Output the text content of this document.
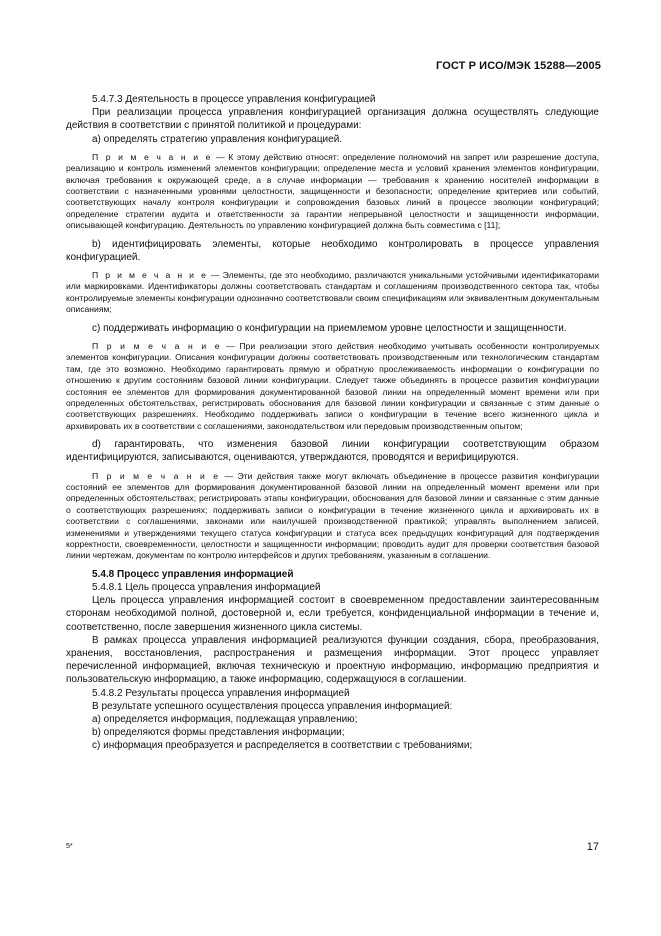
ГОСТ Р ИСО/МЭК 15288—2005

5.4.7.3 Деятельность в процессе управления конфигурацией

При реализации процесса управления конфигурацией организация должна осуществлять следующие действия в соответствии с принятой политикой и процедурами:

a) определять стратегию управления конфигурацией.

П р и м е ч а н и е — К этому действию относят: определение полномочий на запрет или разрешение доступа, реализацию и контроль изменений элементов конфигурации; определение места и условий хранения элементов конфигурации, включая требования к окружающей среде, а в случае информации — требования к хранению носителей информации в соответствии с назначенными уровнями целостности, защищенности и безопасности; определение критериев или событий, соответствующих началу контроля конфигурации и сопровождения базовых линий в процессе эволюции конфигураций; определение стратегии аудита и ответственности за гарантии непрерывной целостности и защищенности информации, описывающей конфигурацию. Деятельность по управлению конфигурацией должна быть совместима с [11];

b) идентифицировать элементы, которые необходимо контролировать в процессе управления конфигурацией.

П р и м е ч а н и е — Элементы, где это необходимо, различаются уникальными устойчивыми идентификаторами или маркировками. Идентификаторы должны соответствовать стандартам и соглашениям производственного сектора так, чтобы контролируемые элементы конфигурации однозначно соответствовали своим спецификациям или эквивалентным документальным описаниям;

c) поддерживать информацию о конфигурации на приемлемом уровне целостности и защищенности.

П р и м е ч а н и е — При реализации этого действия необходимо учитывать особенности контролируемых элементов конфигурации. Описания конфигурации должны соответствовать производственным или технологическим стандартам там, где это возможно. Необходимо гарантировать прямую и обратную прослеживаемость информации о конфигурации по отношению к другим состояниям базовой линии конфигурации. Следует также объединять в процессе развития конфигурации состояния ее элементов для формирования документированной базовой линии на определенный момент времени или при определенных обстоятельствах, регистрировать обоснования для базовой линии конфигурации и связанные с этим данные о соответствующих разрешениях. Необходимо поддерживать записи о конфигурации в течение всего жизненного цикла и архивировать их в соответствии с соглашениями, законодательством или передовым производственным опытом;

d) гарантировать, что изменения базовой линии конфигурации соответствующим образом идентифицируются, записываются, оцениваются, утверждаются, проводятся и верифицируются.

П р и м е ч а н и е — Эти действия также могут включать объединение в процессе развития конфигурации состояний ее элементов для формирования документированной базовой линии на определенный момент времени или при определенных обстоятельствах; регистрировать этапы конфигурации, обоснования для базовой линии и связанные с этим данные о соответствующих разрешениях; поддерживать записи о конфигурации в течение жизненного цикла и архивировать их в соответствии с соглашениями, законами или наилучшей производственной практикой; управлять выполнением записей, изменениями и утверждениями текущего статуса конфигурации и статуса всех предыдущих конфигураций для подтверждения корректности, своевременности, целостности и защищенности информации; проводить аудит для проверки соответствия базовой линии чертежам, документам по контролю интерфейсов и других требованиям, указанным в соглашении.

5.4.8 Процесс управления информацией

5.4.8.1 Цель процесса управления информацией

Цель процесса управления информацией состоит в своевременном предоставлении заинтересованным сторонам необходимой полной, достоверной и, если требуется, конфиденциальной информации в течение и, соответственно, после завершения жизненного цикла системы.

В рамках процесса управления информацией реализуются функции создания, сбора, преобразования, хранения, восстановления, распространения и размещения информации. Этот процесс управляет перечисленной информацией, включая техническую и проектную информацию, информацию предприятия и пользовательскую информацию, а также информацию, содержащуюся в соглашении.

5.4.8.2 Результаты процесса управления информацией

В результате успешного осуществления процесса управления информацией:

a) определяется информация, подлежащая управлению;

b) определяются формы представления информации;

c) информация преобразуется и распределяется в соответствии с требованиями;

5*	17
